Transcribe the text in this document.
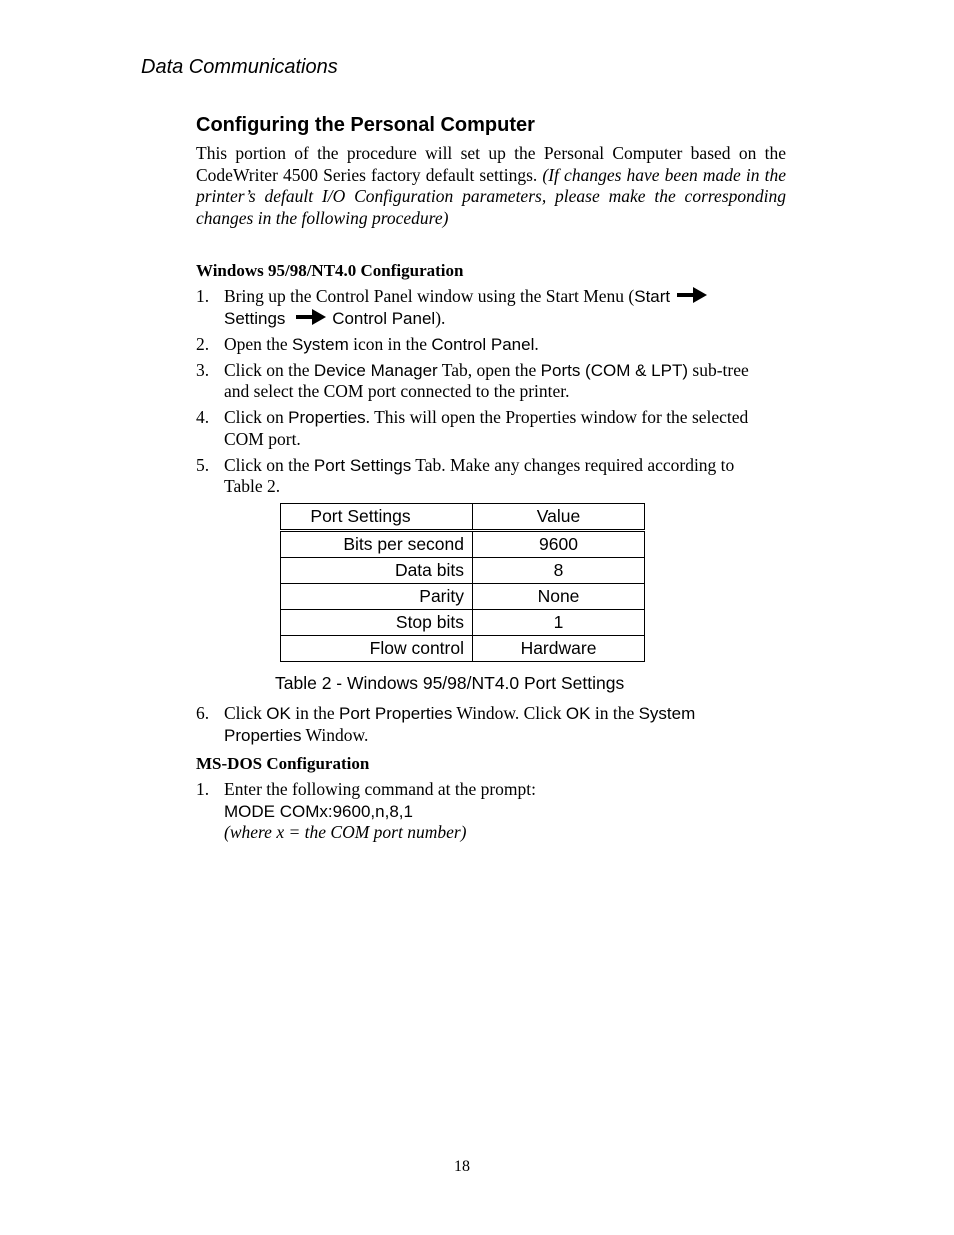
Data Communications
Configuring the Personal Computer

This portion of the procedure will set up the Personal Computer based on the CodeWriter 4500 Series factory default settings. (If changes have been made in the printer’s default I/O Configuration parameters, please make the corresponding changes in the following procedure)

Windows 95/98/NT4.0 Configuration
1. Bring up the Control Panel window using the Start Menu (Start
Settings	Control Panel).
2. Open the System icon in the Control Panel.
3. Click on the Device Manager Tab, open the Ports (COM & LPT) sub-tree and select the COM port connected to the printer.
4. Click on Properties. This will open the Properties window for the selected COM port.
5. Click on the Port Settings Tab. Make any changes required according to Table 2.
Port Settings	Value
Bits per second	9600
Data bits	8
Parity	None
Stop bits	1
Flow control	Hardware
Table 2 - Windows 95/98/NT4.0 Port Settings
6. Click OK in the Port Properties Window. Click OK in the System Properties Window.
MS-DOS Configuration
1. Enter the following command at the prompt:
MODE COMx:9600,n,8,1
(where x = the COM port number)
18
